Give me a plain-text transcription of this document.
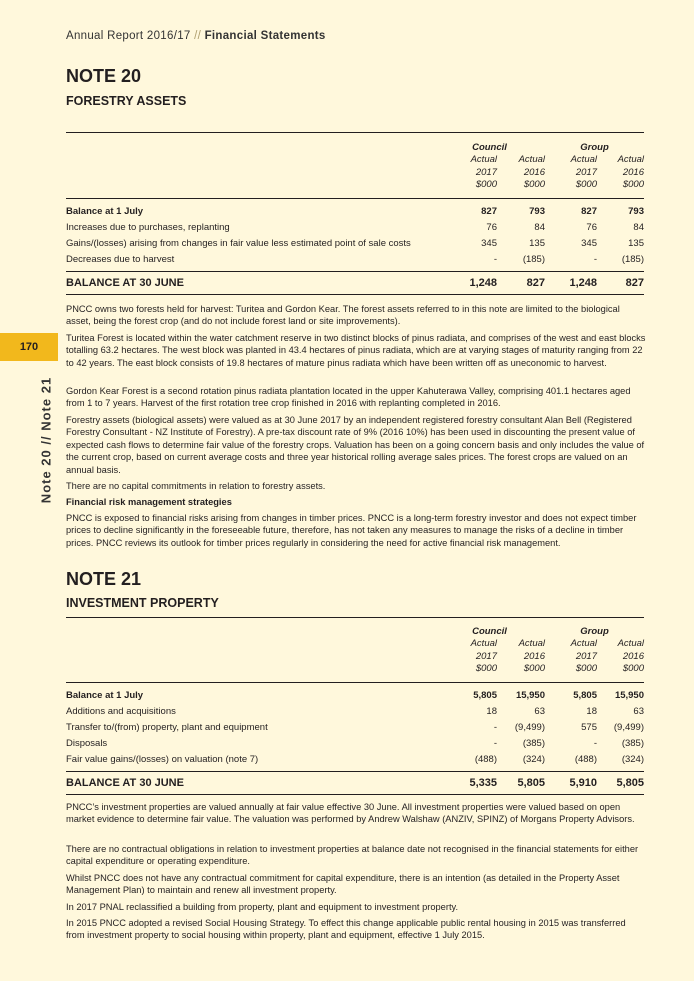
Annual Report 2016/17 // Financial Statements
170
Note 20 // Note 21
NOTE 20
FORESTRY ASSETS
	Council		Group	
	Actual	Actual	Actual	Actual
	2017	2016	2017	2016
	$000	$000	$000	$000

Balance at 1 July	827	793	827	793
Increases due to purchases, replanting	76	84	76	84
Gains/(losses) arising from changes in fair value less estimated point of sale costs	345	135	345	135
Decreases due to harvest	-	(185)	-	(185)

BALANCE AT 30 JUNE	1,248	827	1,248	827

PNCC owns two forests held for harvest: Turitea and Gordon Kear. The forest assets referred to in this note are limited to the biological asset, being the forest crop (and do not include forest land or site improvements).

Turitea Forest is located within the water catchment reserve in two distinct blocks of pinus radiata, and comprises of the west and east blocks totalling 63.2 hectares. The west block was planted in 43.4 hectares of pinus radiata, which are at varying stages of maturity ranging from 22 to 42 years. The east block consists of 19.8 hectares of mature pinus radiata which have been written off as uneconomic to harvest.

Gordon Kear Forest is a second rotation pinus radiata plantation located in the upper Kahuterawa Valley, comprising 401.1 hectares aged from 1 to 7 years. Harvest of the first rotation tree crop finished in 2016 with replanting completed in 2016.

Forestry assets (biological assets) were valued as at 30 June 2017 by an independent registered forestry consultant Alan Bell (Registered Forestry Consultant - NZ Institute of Forestry). A pre-tax discount rate of 9% (2016 10%) has been used in discounting the present value of expected cash flows to determine fair value of the forestry crops. Valuation has been on a going concern basis and only includes the value of the current crop, based on current average costs and three year historical rolling average sales prices. The forest crops are valued on an annual basis.

There are no capital commitments in relation to forestry assets.

Financial risk management strategies

PNCC is exposed to financial risks arising from changes in timber prices. PNCC is a long-term forestry investor and does not expect timber prices to decline significantly in the foreseeable future, therefore, has not taken any measures to manage the risks of a decline in timber prices. PNCC reviews its outlook for timber prices regularly in considering the need for active financial risk management.

NOTE 21
INVESTMENT PROPERTY
	Council		Group	
	Actual	Actual	Actual	Actual
	2017	2016	2017	2016
	$000	$000	$000	$000

Balance at 1 July	5,805	15,950	5,805	15,950
Additions and acquisitions	18	63	18	63
Transfer to/(from) property, plant and equipment	-	(9,499)	575	(9,499)
Disposals	-	(385)	-	(385)
Fair value gains/(losses) on valuation (note 7)	(488)	(324)	(488)	(324)

BALANCE AT 30 JUNE	5,335	5,805	5,910	5,805

PNCC’s investment properties are valued annually at fair value effective 30 June. All investment properties were valued based on open market evidence to determine fair value. The valuation was performed by Andrew Walshaw (ANZIV, SPINZ) of Morgans Property Advisors.

There are no contractual obligations in relation to investment properties at balance date not recognised in the financial statements for either capital expenditure or operating expenditure.

Whilst PNCC does not have any contractual commitment for capital expenditure, there is an intention (as detailed in the Property Asset Management Plan) to maintain and renew all investment property.

In 2017 PNAL reclassified a building from property, plant and equipment to investment property.

In 2015 PNCC adopted a revised Social Housing Strategy. To effect this change applicable public rental housing in 2015 was transferred from investment property to social housing within property, plant and equipment, effective 1 July 2015.
